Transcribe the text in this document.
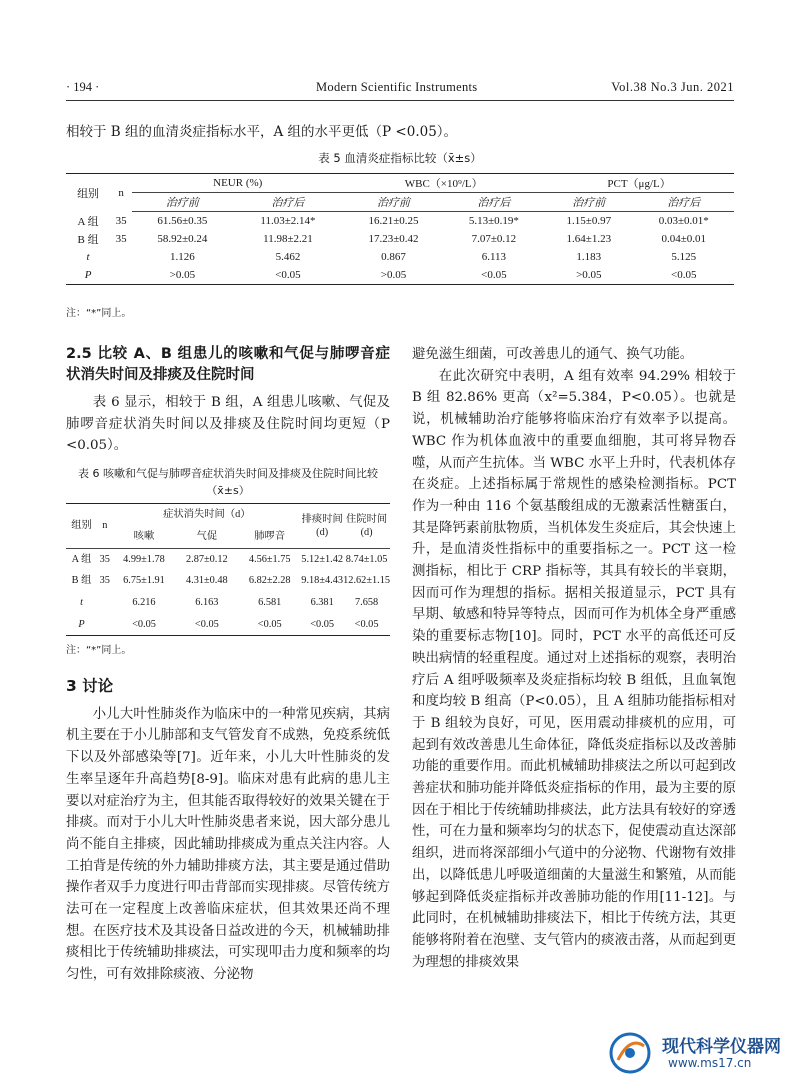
· 194 ·	Modern Scientific Instruments	Vol.38 No.3 Jun. 2021
相较于 B 组的血清炎症指标水平，A 组的水平更低（P <0.05）。
表 5 血清炎症指标比较（x̄±s）
组别	n	NEUR (%)		WBC（×10⁹/L）		PCT（μg/L）	
		治疗前	治疗后	治疗前	治疗后	治疗前	治疗后
A 组	35	61.56±0.35	11.03±2.14*	16.21±0.25	5.13±0.19*	1.15±0.97	0.03±0.01*
B 组	35	58.92±0.24	11.98±2.21	17.23±0.42	7.07±0.12	1.64±1.23	0.04±0.01
t		1.126	5.462	0.867	6.113	1.183	5.125
P		>0.05	<0.05	>0.05	<0.05	>0.05	<0.05
注：“*”同上。
2.5 比较 A、B 组患儿的咳嗽和气促与肺啰音症状消失时间及排痰及住院时间

表 6 显示，相较于 B 组，A 组患儿咳嗽、气促及肺啰音症状消失时间以及排痰及住院时间均更短（P <0.05）。

表 6 咳嗽和气促与肺啰音症状消失时间及排痰及住院时间比较（x̄±s）
组别	n	症状消失时间（d）			排痰时间(d)	住院时间(d)
		咳嗽	气促	肺啰音		
A 组	35	4.99±1.78	2.87±0.12	4.56±1.75	5.12±1.42	8.74±1.05
B 组	35	6.75±1.91	4.31±0.48	6.82±2.28	9.18±4.43	12.62±1.15
t		6.216	6.163	6.581	6.381	7.658
P		<0.05	<0.05	<0.05	<0.05	<0.05
注：“*”同上。
3 讨论

小儿大叶性肺炎作为临床中的一种常见疾病，其病机主要在于小儿肺部和支气管发育不成熟，免疫系统低下以及外部感染等[7]。近年来，小儿大叶性肺炎的发生率呈逐年升高趋势[8-9]。临床对患有此病的患儿主要以对症治疗为主，但其能否取得较好的效果关键在于排痰。而对于小儿大叶性肺炎患者来说，因大部分患儿尚不能自主排痰，因此辅助排痰成为重点关注内容。人工拍背是传统的外力辅助排痰方法，其主要是通过借助操作者双手力度进行叩击背部而实现排痰。尽管传统方法可在一定程度上改善临床症状，但其效果还尚不理想。在医疗技术及其设备日益改进的今天，机械辅助排痰相比于传统辅助排痰法，可实现叩击力度和频率的均匀性，可有效排除痰液、分泌物

避免滋生细菌，可改善患儿的通气、换气功能。

在此次研究中表明，A 组有效率 94.29% 相较于 B 组 82.86% 更高（x²=5.384，P<0.05）。也就是说，机械辅助治疗能够将临床治疗有效率予以提高。WBC 作为机体血液中的重要血细胞，其可将异物吞噬，从而产生抗体。当 WBC 水平上升时，代表机体存在炎症。上述指标属于常规性的感染检测指标。PCT 作为一种由 116 个氨基酸组成的无激素活性糖蛋白，其是降钙素前肽物质，当机体发生炎症后，其会快速上升，是血清炎性指标中的重要指标之一。PCT 这一检测指标，相比于 CRP 指标等，其具有较长的半衰期，因而可作为理想的指标。据相关报道显示，PCT 具有早期、敏感和特异等特点，因而可作为机体全身严重感染的重要标志物[10]。同时，PCT 水平的高低还可反映出病情的轻重程度。通过对上述指标的观察，表明治疗后 A 组呼吸频率及炎症指标均较 B 组低，且血氧饱和度均较 B 组高（P<0.05），且 A 组肺功能指标相对于 B 组较为良好，可见，医用震动排痰机的应用，可起到有效改善患儿生命体征，降低炎症指标以及改善肺功能的重要作用。而此机械辅助排痰法之所以可起到改善症状和肺功能并降低炎症指标的作用，最为主要的原因在于相比于传统辅助排痰法，此方法具有较好的穿透性，可在力量和频率均匀的状态下，促使震动直达深部组织，进而将深部细小气道中的分泌物、代谢物有效排出，以降低患儿呼吸道细菌的大量滋生和繁殖，从而能够起到降低炎症指标并改善肺功能的作用[11-12]。与此同时，在机械辅助排痰法下，相比于传统方法，其更能够将附着在泡壁、支气管内的痰液击落，从而起到更为理想的排痰效果

现代科学仪器网
www.ms17.cn
